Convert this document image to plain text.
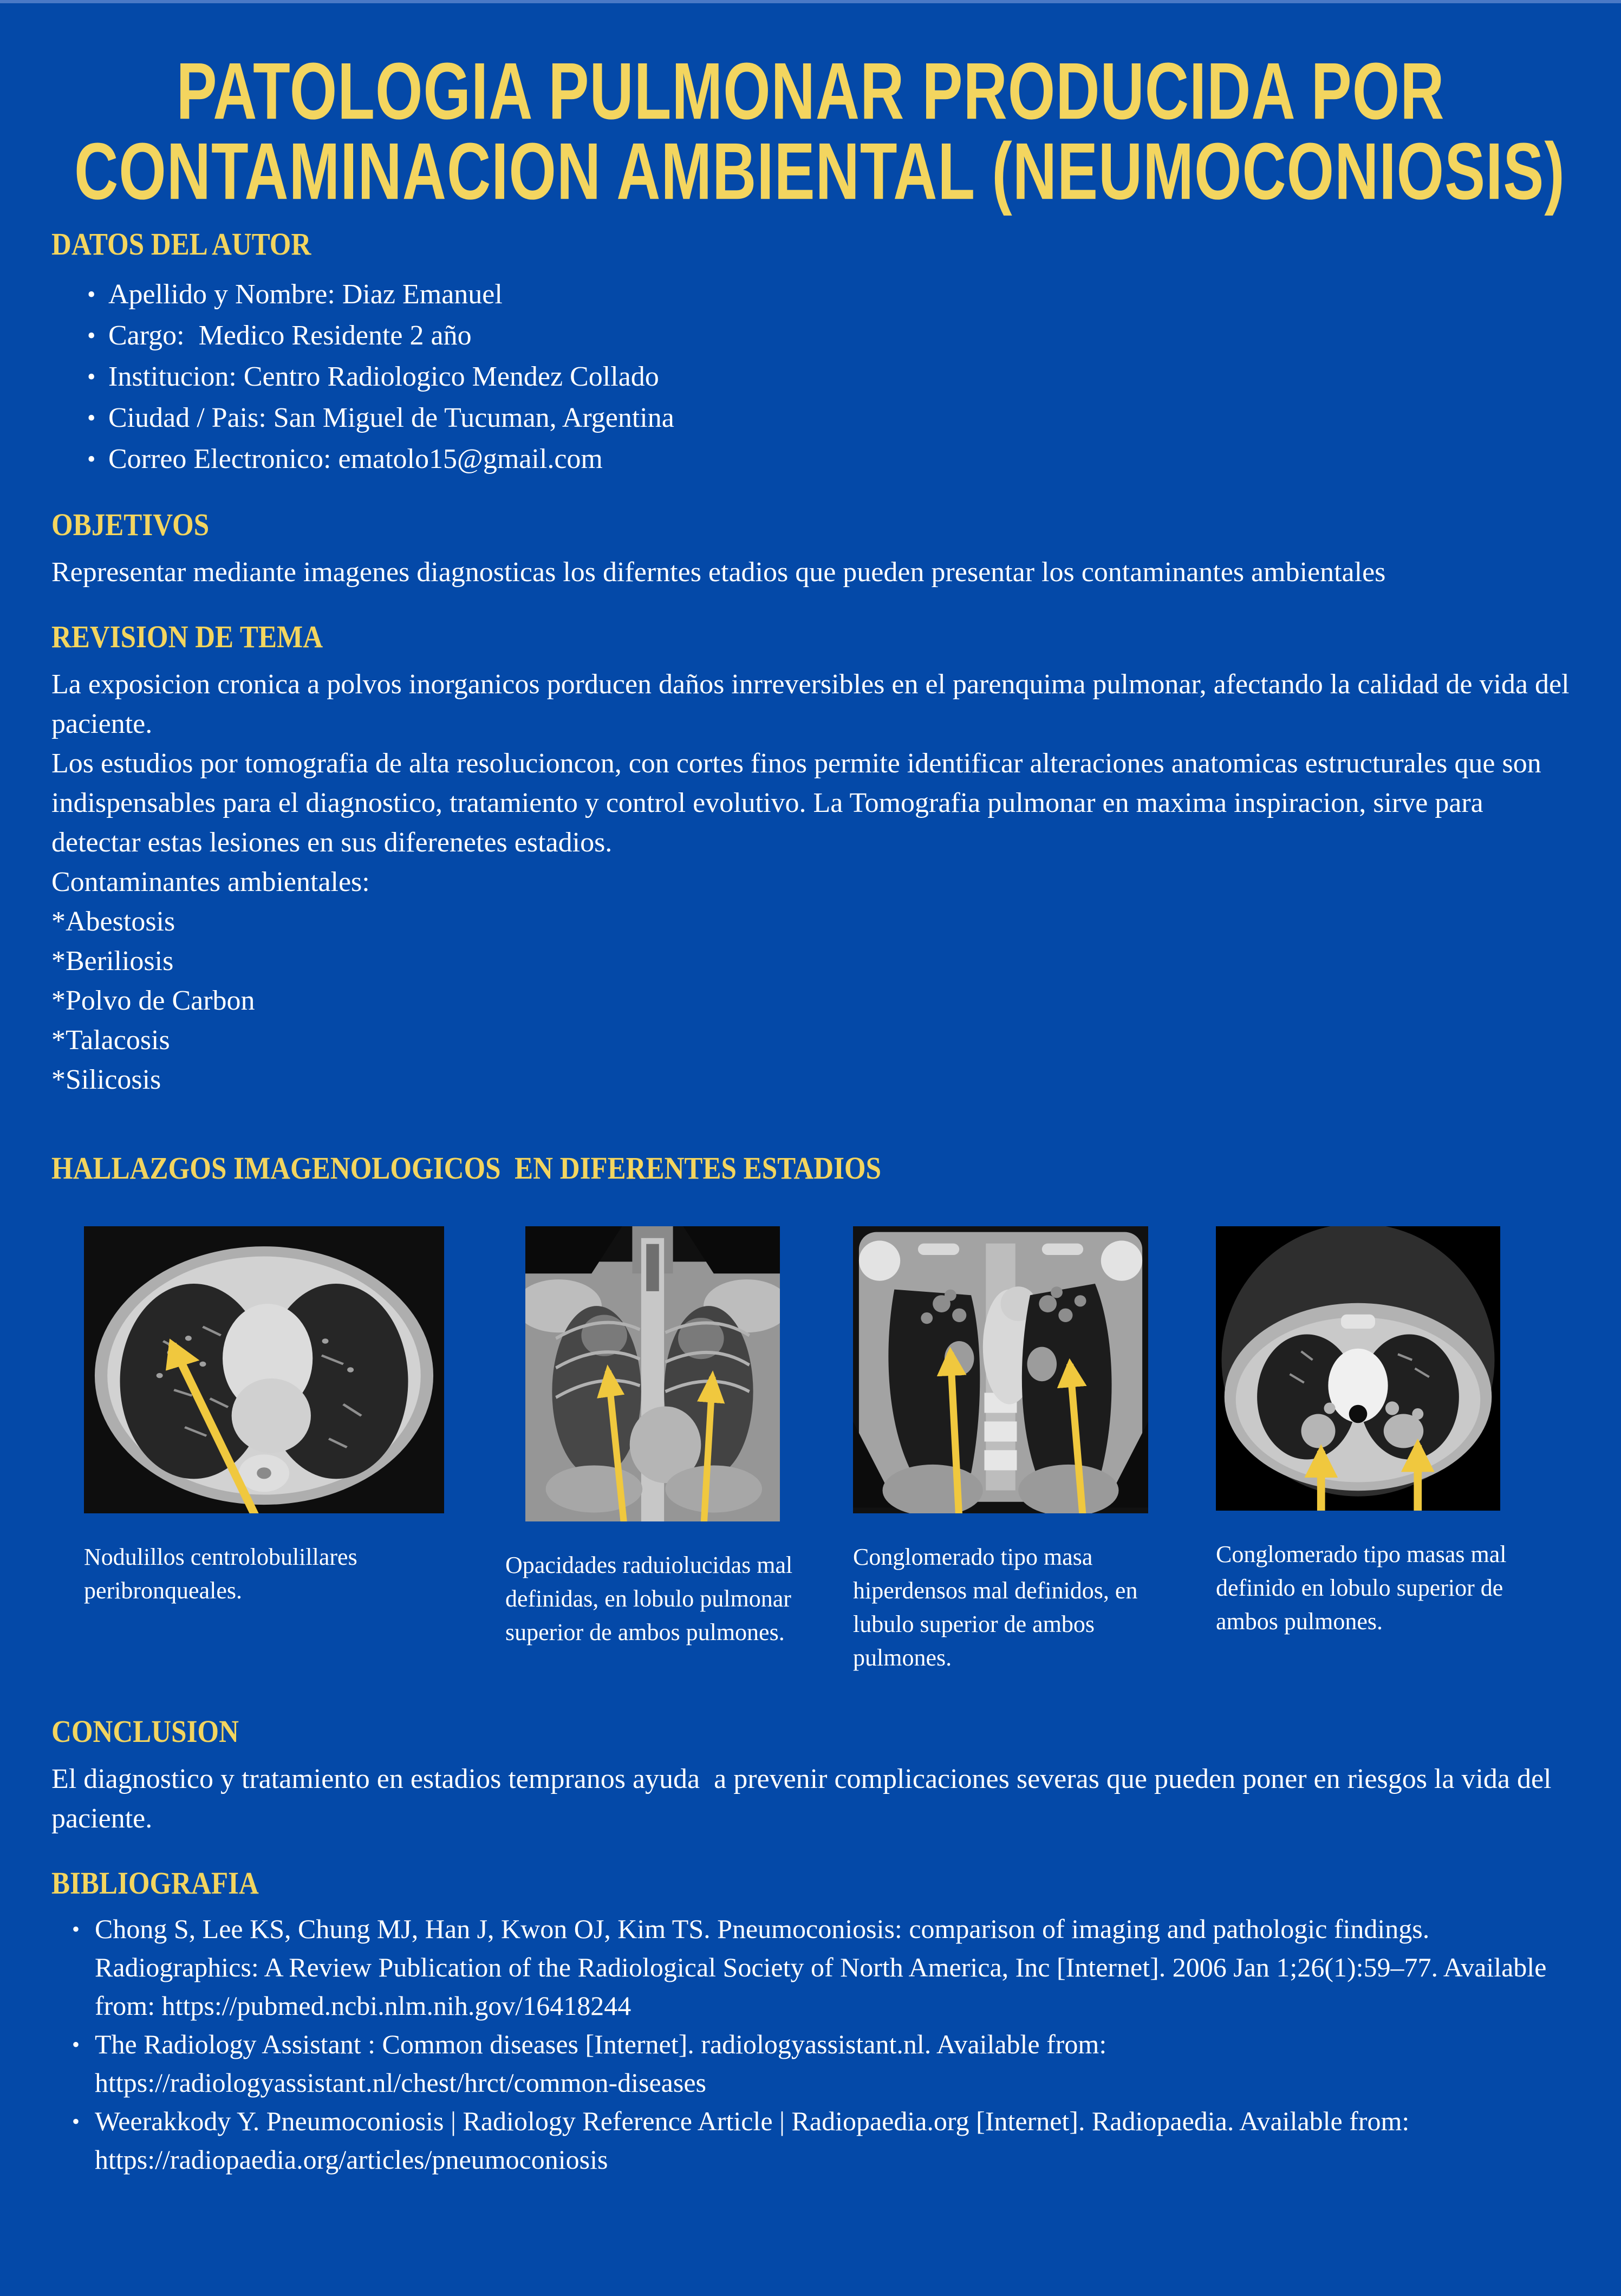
PATOLOGIA PULMONAR PRODUCIDA POR
CONTAMINACION AMBIENTAL (NEUMOCONIOSIS)
DATOS DEL AUTOR
• Apellido y Nombre: Diaz Emanuel
• Cargo:  Medico Residente 2 año
• Institucion: Centro Radiologico Mendez Collado
• Ciudad / Pais: San Miguel de Tucuman, Argentina
• Correo Electronico: ematolo15@gmail.com
OBJETIVOS

Representar mediante imagenes diagnosticas los diferntes etadios que pueden presentar los contaminantes ambientales

REVISION DE TEMA

La exposicion cronica a polvos inorganicos porducen daños inrreversibles en el parenquima pulmonar, afectando la calidad de vida del paciente.

Los estudios por tomografia de alta resolucioncon, con cortes finos permite identificar alteraciones anatomicas estructurales que son indispensables para el diagnostico, tratamiento y control evolutivo. La Tomografia pulmonar en maxima inspiracion, sirve para detectar estas lesiones en sus diferenetes estadios.

Contaminantes ambientales:

*Abestosis
*Beriliosis
*Polvo de Carbon
*Talacosis
*Silicosis
HALLAZGOS IMAGENOLOGICOS  EN DIFERENTES ESTADIOS
Nodulillos centrolobulillares peribronqueales.
Opacidades raduiolucidas mal definidas, en lobulo pulmonar superior de ambos pulmones.
Conglomerado tipo masa hiperdensos mal definidos, en lubulo superior de ambos pulmones.
Conglomerado tipo masas mal definido en lobulo superior de ambos pulmones.
CONCLUSION

El diagnostico y tratamiento en estadios tempranos ayuda  a prevenir complicaciones severas que pueden poner en riesgos la vida del paciente.

BIBLIOGRAFIA
• Chong S, Lee KS, Chung MJ, Han J, Kwon OJ, Kim TS. Pneumoconiosis: comparison of imaging and pathologic findings. Radiographics: A Review Publication of the Radiological Society of North America, Inc [Internet]. 2006 Jan 1;26(1):59–77. Available from: https://pubmed.ncbi.nlm.nih.gov/16418244
• The Radiology Assistant : Common diseases [Internet]. radiologyassistant.nl. Available from: https://radiologyassistant.nl/chest/hrct/common-diseases
• Weerakkody Y. Pneumoconiosis | Radiology Reference Article | Radiopaedia.org [Internet]. Radiopaedia. Available from: https://radiopaedia.org/articles/pneumoconiosis
